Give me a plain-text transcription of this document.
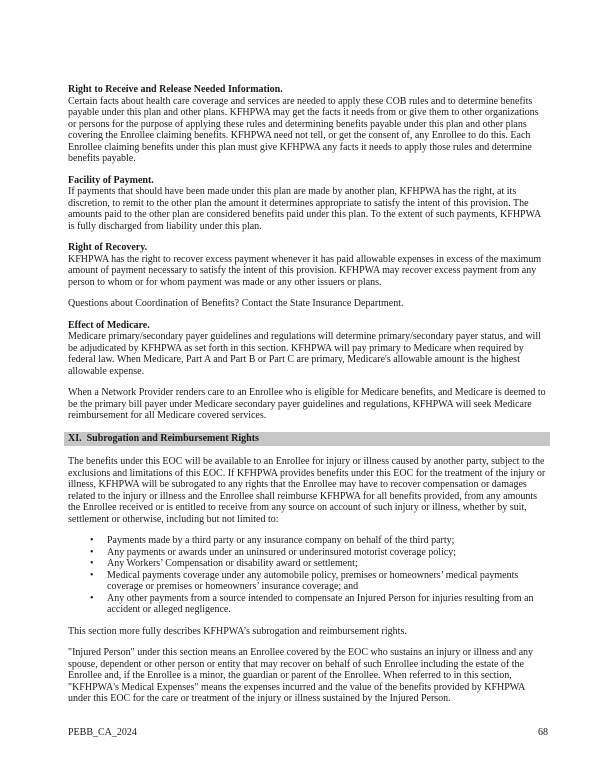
Right to Receive and Release Needed Information.

Certain facts about health care coverage and services are needed to apply these COB rules and to determine benefits payable under this plan and other plans. KFHPWA may get the facts it needs from or give them to other organizations or persons for the purpose of applying these rules and determining benefits payable under this plan and other plans covering the Enrollee claiming benefits. KFHPWA need not tell, or get the consent of, any Enrollee to do this. Each Enrollee claiming benefits under this plan must give KFHPWA any facts it needs to apply those rules and determine benefits payable.

Facility of Payment.

If payments that should have been made under this plan are made by another plan, KFHPWA has the right, at its discretion, to remit to the other plan the amount it determines appropriate to satisfy the intent of this provision. The amounts paid to the other plan are considered benefits paid under this plan. To the extent of such payments, KFHPWA is fully discharged from liability under this plan.

Right of Recovery.

KFHPWA has the right to recover excess payment whenever it has paid allowable expenses in excess of the maximum amount of payment necessary to satisfy the intent of this provision. KFHPWA may recover excess payment from any person to whom or for whom payment was made or any other issuers or plans.

Questions about Coordination of Benefits? Contact the State Insurance Department.

Effect of Medicare.

Medicare primary/secondary payer guidelines and regulations will determine primary/secondary payer status, and will be adjudicated by KFHPWA as set forth in this section. KFHPWA will pay primary to Medicare when required by federal law. When Medicare, Part A and Part B or Part C are primary, Medicare's allowable amount is the highest allowable expense.

When a Network Provider renders care to an Enrollee who is eligible for Medicare benefits, and Medicare is deemed to be the primary bill payer under Medicare secondary payer guidelines and regulations, KFHPWA will seek Medicare reimbursement for all Medicare covered services.

XI.  Subrogation and Reimbursement Rights

The benefits under this EOC will be available to an Enrollee for injury or illness caused by another party, subject to the exclusions and limitations of this EOC. If KFHPWA provides benefits under this EOC for the treatment of the injury or illness, KFHPWA will be subrogated to any rights that the Enrollee may have to recover compensation or damages related to the injury or illness and the Enrollee shall reimburse KFHPWA for all benefits provided, from any amounts the Enrollee received or is entitled to receive from any source on account of such injury or illness, whether by suit, settlement or otherwise, including but not limited to:

• Payments made by a third party or any insurance company on behalf of the third party;
• Any payments or awards under an uninsured or underinsured motorist coverage policy;
• Any Workers’ Compensation or disability award or settlement;
• Medical payments coverage under any automobile policy, premises or homeowners’ medical payments coverage or premises or homeowners’ insurance coverage; and
• Any other payments from a source intended to compensate an Injured Person for injuries resulting from an accident or alleged negligence.

This section more fully describes KFHPWA’s subrogation and reimbursement rights.

"Injured Person" under this section means an Enrollee covered by the EOC who sustains an injury or illness and any spouse, dependent or other person or entity that may recover on behalf of such Enrollee including the estate of the Enrollee and, if the Enrollee is a minor, the guardian or parent of the Enrollee. When referred to in this section, "KFHPWA's Medical Expenses" means the expenses incurred and the value of the benefits provided by KFHPWA under this EOC for the care or treatment of the injury or illness sustained by the Injured Person.

PEBB_CA_2024	68
